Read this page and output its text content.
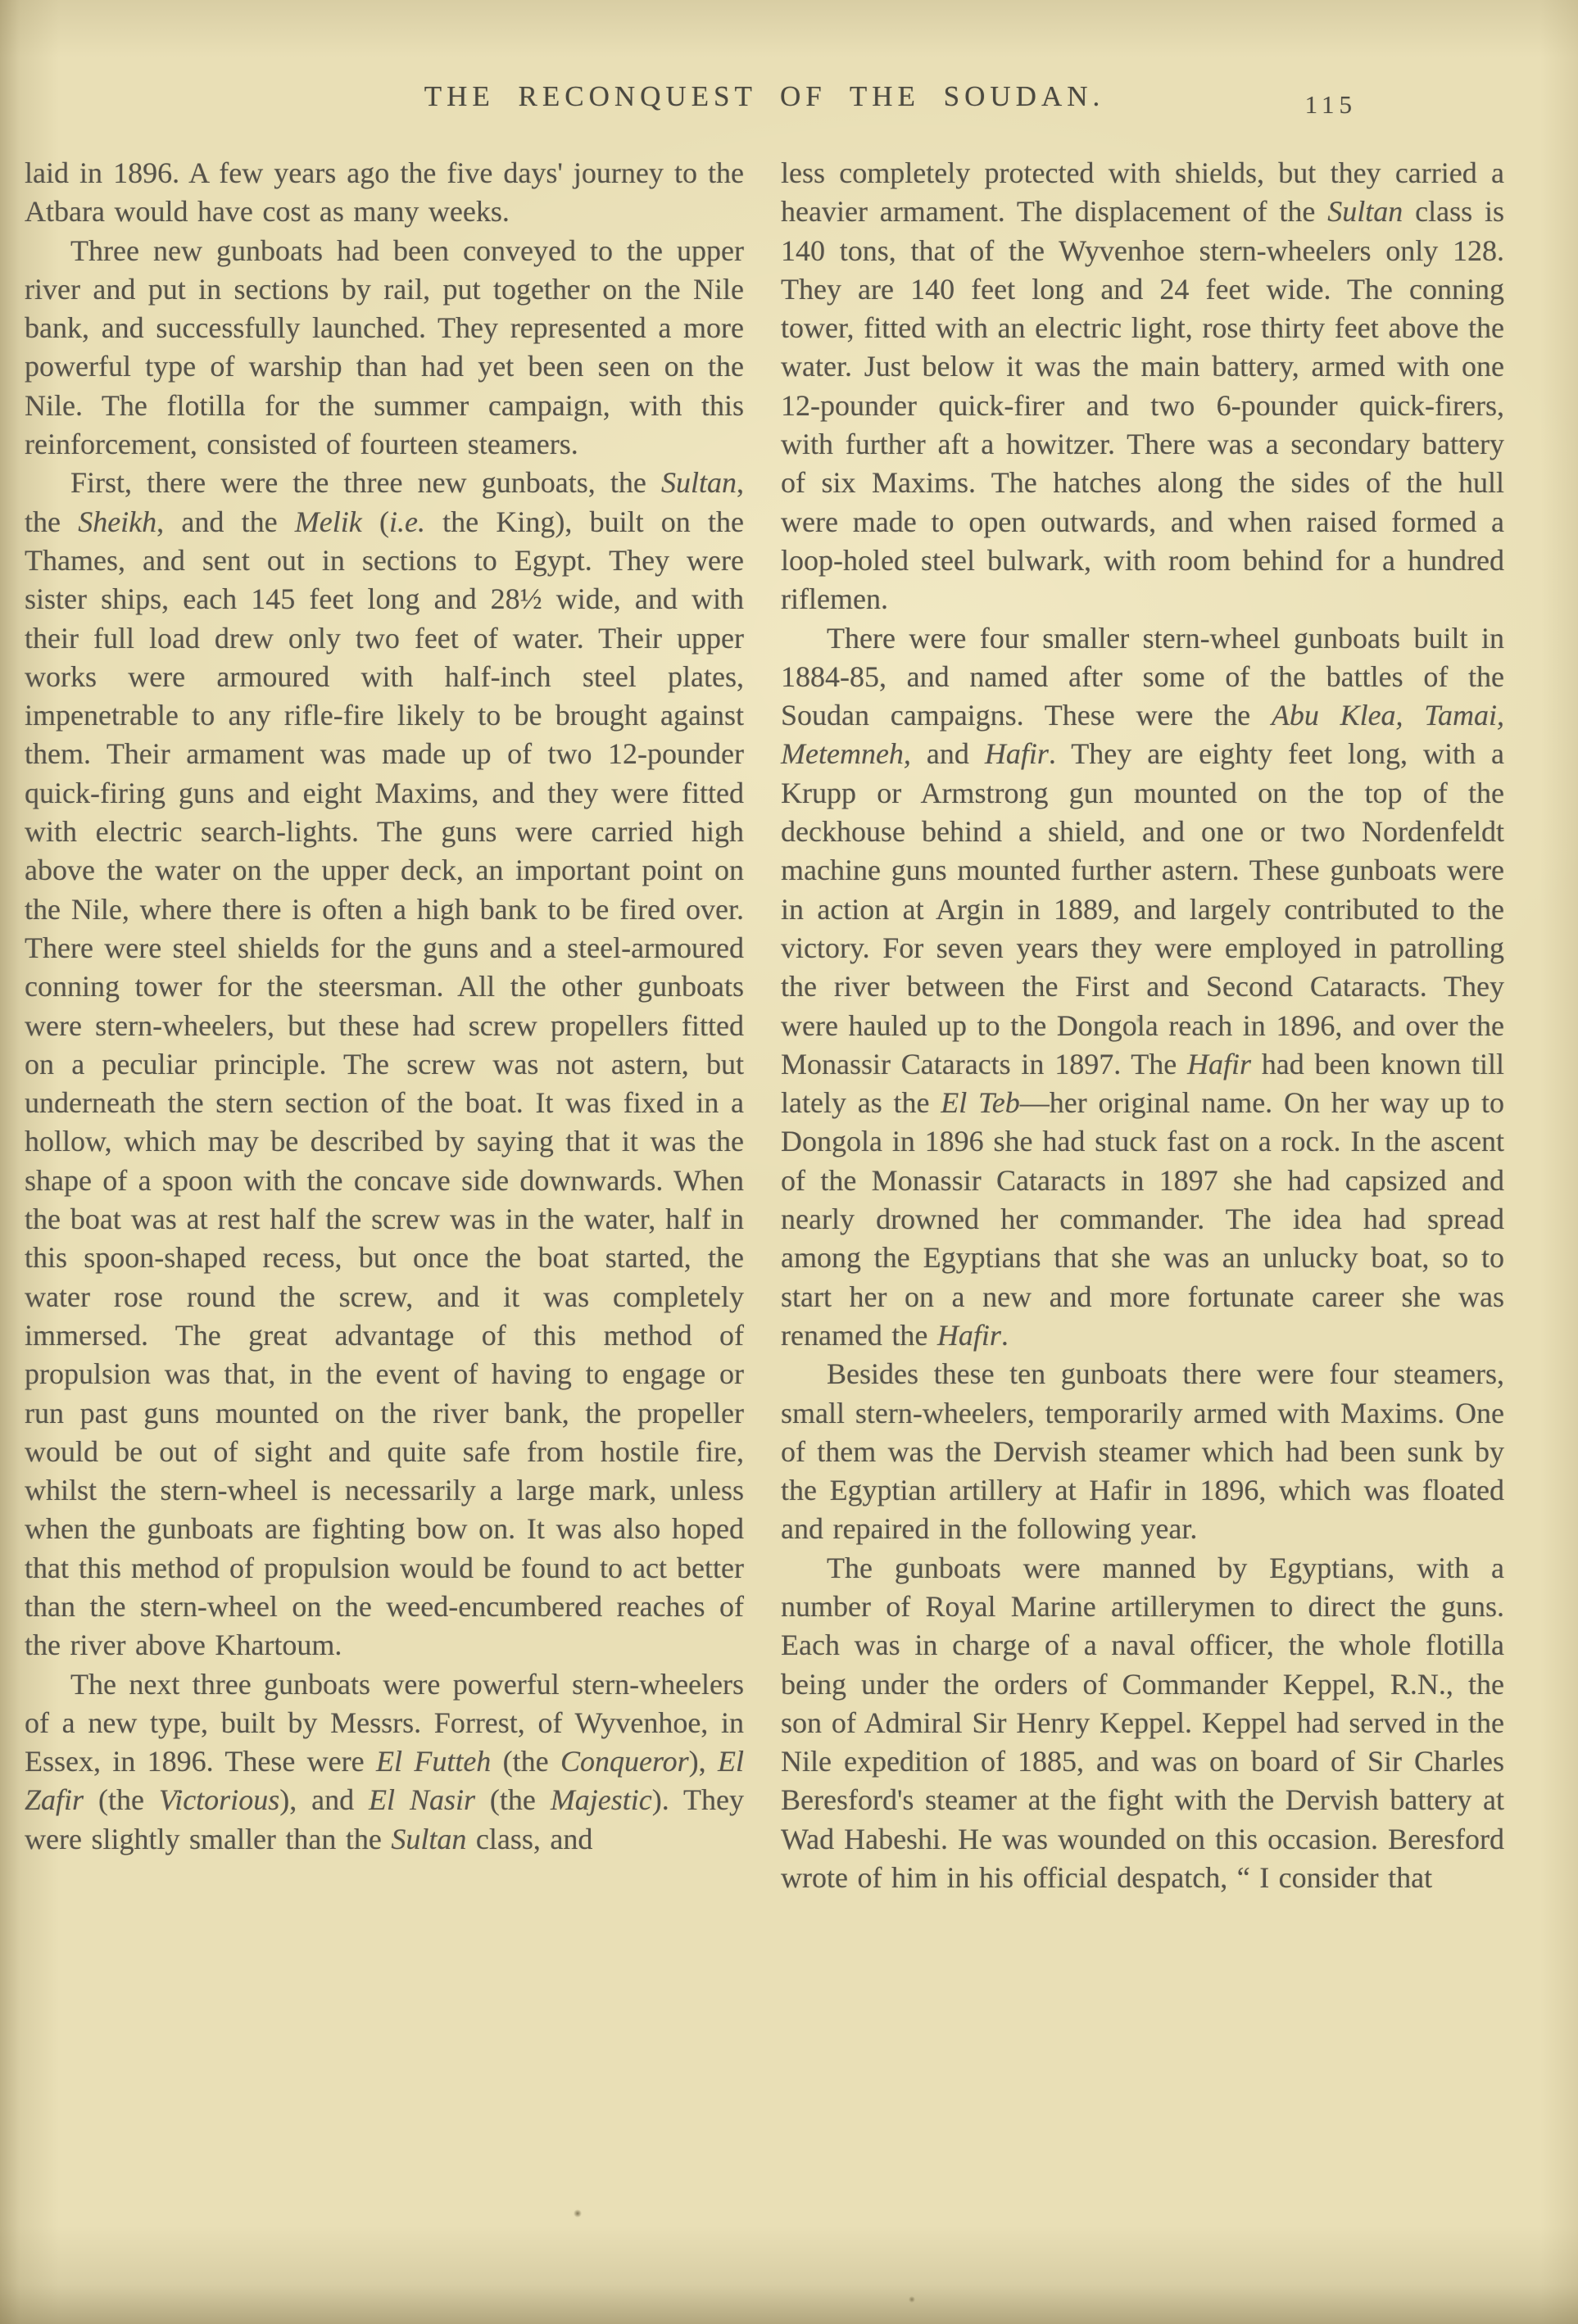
THE RECONQUEST OF THE SOUDAN.	115

laid in 1896. A few years ago the five days' journey to the Atbara would have cost as many weeks.

Three new gunboats had been conveyed to the upper river and put in sections by rail, put together on the Nile bank, and successfully launched. They represented a more powerful type of warship than had yet been seen on the Nile. The flotilla for the summer campaign, with this reinforcement, consisted of fourteen steamers.

First, there were the three new gunboats, the Sultan, the Sheikh, and the Melik (i.e. the King), built on the Thames, and sent out in sections to Egypt. They were sister ships, each 145 feet long and 28½ wide, and with their full load drew only two feet of water. Their upper works were armoured with half-inch steel plates, impenetrable to any rifle-fire likely to be brought against them. Their armament was made up of two 12-pounder quick-firing guns and eight Maxims, and they were fitted with electric search-lights. The guns were carried high above the water on the upper deck, an important point on the Nile, where there is often a high bank to be fired over. There were steel shields for the guns and a steel-armoured conning tower for the steersman. All the other gunboats were stern-wheelers, but these had screw propellers fitted on a peculiar principle. The screw was not astern, but underneath the stern section of the boat. It was fixed in a hollow, which may be described by saying that it was the shape of a spoon with the concave side downwards. When the boat was at rest half the screw was in the water, half in this spoon-shaped recess, but once the boat started, the water rose round the screw, and it was completely immersed. The great advantage of this method of propulsion was that, in the event of having to engage or run past guns mounted on the river bank, the propeller would be out of sight and quite safe from hostile fire, whilst the stern-wheel is necessarily a large mark, unless when the gunboats are fighting bow on. It was also hoped that this method of propulsion would be found to act better than the stern-wheel on the weed-encumbered reaches of the river above Khartoum.

The next three gunboats were powerful stern-wheelers of a new type, built by Messrs. Forrest, of Wyvenhoe, in Essex, in 1896. These were El Futteh (the Conqueror), El Zafir (the Victorious), and El Nasir (the Majestic). They were slightly smaller than the Sultan class, and

less completely protected with shields, but they carried a heavier armament. The displacement of the Sultan class is 140 tons, that of the Wyvenhoe stern-wheelers only 128. They are 140 feet long and 24 feet wide. The conning tower, fitted with an electric light, rose thirty feet above the water. Just below it was the main battery, armed with one 12-pounder quick-firer and two 6-pounder quick-firers, with further aft a howitzer. There was a secondary battery of six Maxims. The hatches along the sides of the hull were made to open outwards, and when raised formed a loop-holed steel bulwark, with room behind for a hundred riflemen.

There were four smaller stern-wheel gunboats built in 1884-85, and named after some of the battles of the Soudan campaigns. These were the Abu Klea, Tamai, Metemneh, and Hafir. They are eighty feet long, with a Krupp or Armstrong gun mounted on the top of the deckhouse behind a shield, and one or two Nordenfeldt machine guns mounted further astern. These gunboats were in action at Argin in 1889, and largely contributed to the victory. For seven years they were employed in patrolling the river between the First and Second Cataracts. They were hauled up to the Dongola reach in 1896, and over the Monassir Cataracts in 1897. The Hafir had been known till lately as the El Teb—her original name. On her way up to Dongola in 1896 she had stuck fast on a rock. In the ascent of the Monassir Cataracts in 1897 she had capsized and nearly drowned her commander. The idea had spread among the Egyptians that she was an unlucky boat, so to start her on a new and more fortunate career she was renamed the Hafir.

Besides these ten gunboats there were four steamers, small stern-wheelers, temporarily armed with Maxims. One of them was the Dervish steamer which had been sunk by the Egyptian artillery at Hafir in 1896, which was floated and repaired in the following year.

The gunboats were manned by Egyptians, with a number of Royal Marine artillerymen to direct the guns. Each was in charge of a naval officer, the whole flotilla being under the orders of Commander Keppel, R.N., the son of Admiral Sir Henry Keppel. Keppel had served in the Nile expedition of 1885, and was on board of Sir Charles Beresford's steamer at the fight with the Dervish battery at Wad Habeshi. He was wounded on this occasion. Beresford wrote of him in his official despatch, “ I consider that
